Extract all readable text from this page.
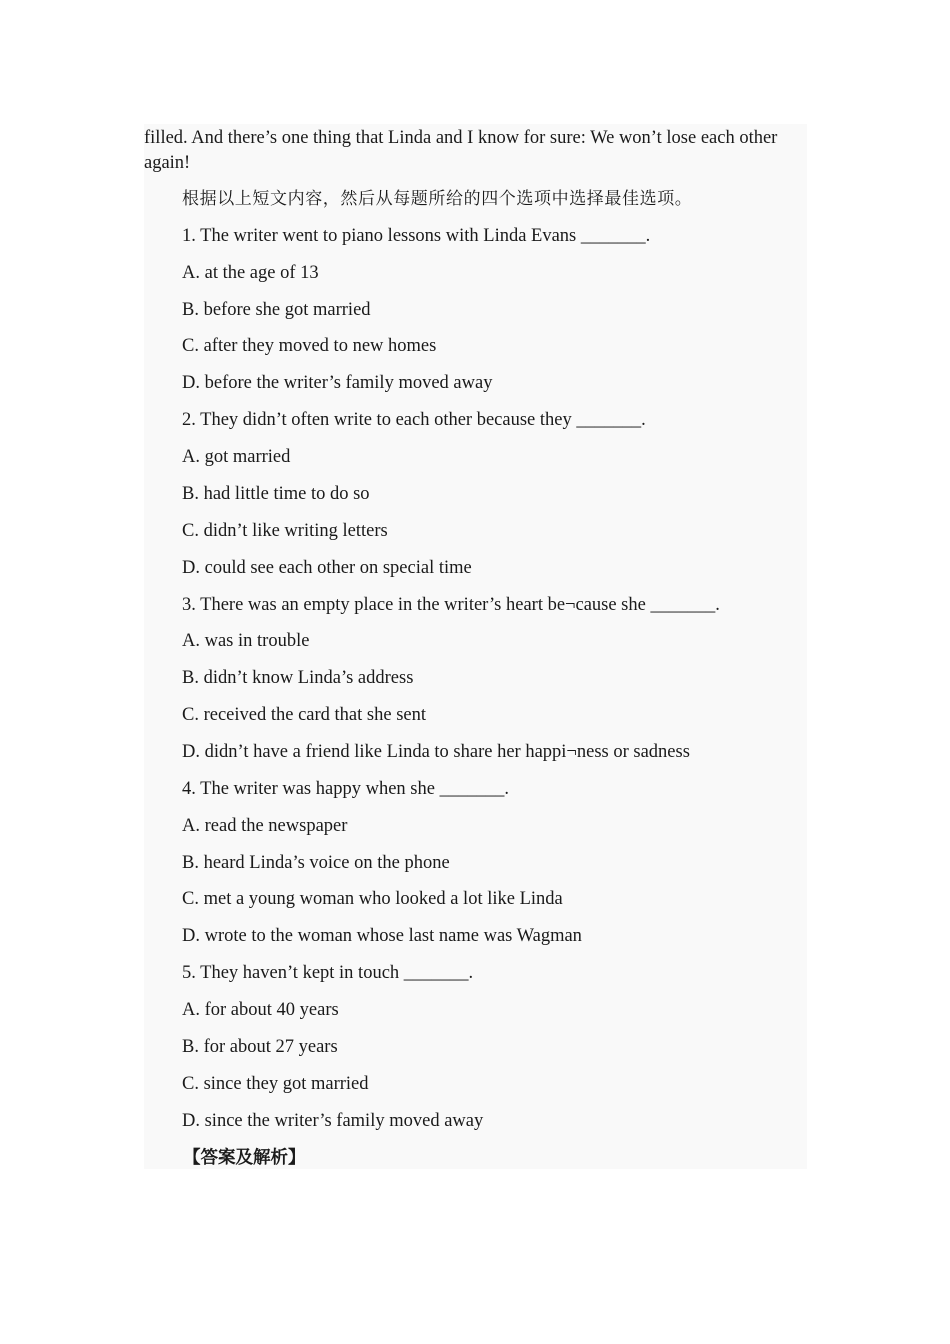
filled. And there’s one thing that Linda and I know for sure: We won’t lose each other again!

根据以上短文内容，然后从每题所给的四个选项中选择最佳选项。

1. The writer went to piano lessons with Linda Evans _______.

A. at the age of 13

B. before she got married

C. after they moved to new homes

D. before the writer’s family moved away

2. They didn’t often write to each other because they _______.

A. got married

B. had little time to do so

C. didn’t like writing letters

D. could see each other on special time

3. There was an empty place in the writer’s heart be¬cause she _______.

A. was in trouble

B. didn’t know Linda’s address

C. received the card that she sent

D. didn’t have a friend like Linda to share her happi¬ness or sadness

4. The writer was happy when she _______.

A. read the newspaper

B. heard Linda’s voice on the phone

C. met a young woman who looked a lot like Linda

D. wrote to the woman whose last name was Wagman

5. They haven’t kept in touch _______.

A. for about 40 years

B. for about 27 years

C. since they got married

D. since the writer’s family moved away

【答案及解析】
